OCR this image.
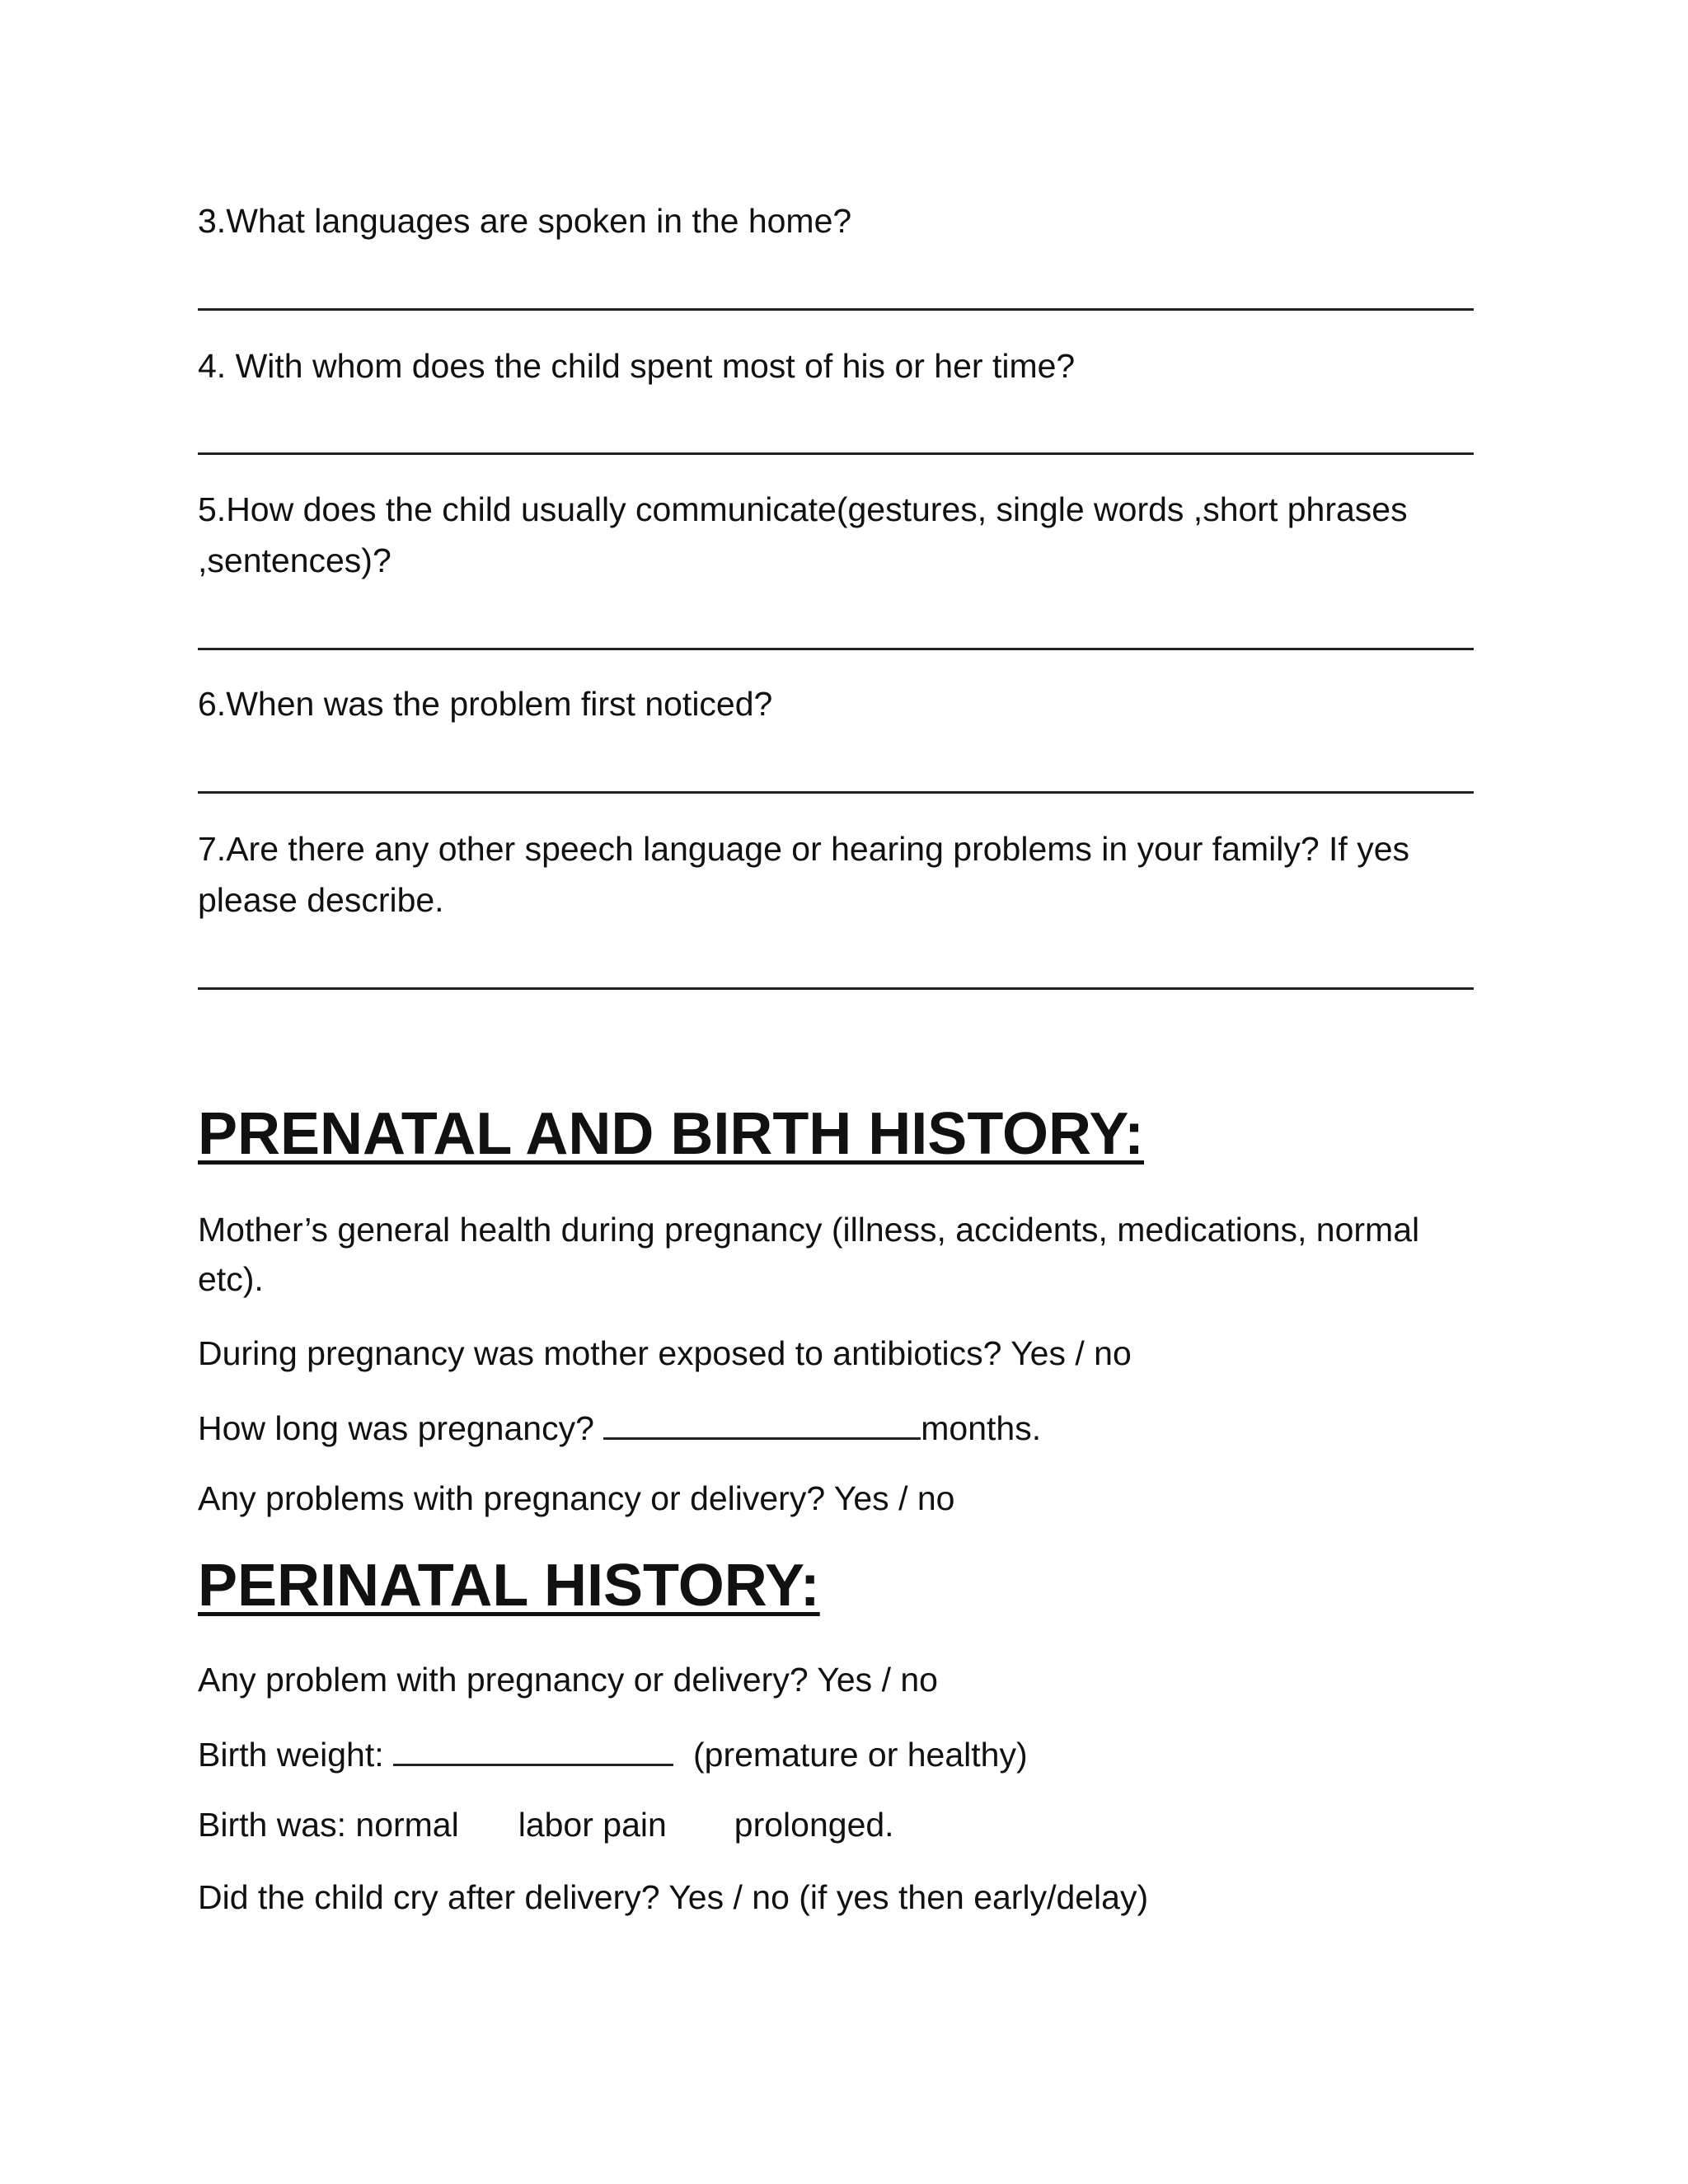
3.What languages are spoken in the home?
4. With whom does the child spent most of his or her time?
5.How does the child usually communicate(gestures, single words ,short phrases
,sentences)?
6.When was the problem first noticed?
7.Are there any other speech language or hearing problems in your family? If yes
please describe.
PRENATAL AND BIRTH HISTORY:
Mother’s general health during pregnancy (illness, accidents, medications, normal
etc).
During pregnancy was mother exposed to antibiotics? Yes / no
How long was pregnancy?	months.
Any problems with pregnancy or delivery? Yes / no
PERINATAL HISTORY:
Any problem with pregnancy or delivery? Yes / no
Birth weight:	(premature or healthy)
Birth was: normal labor pain prolonged.
Did the child cry after delivery? Yes / no (if yes then early/delay)
